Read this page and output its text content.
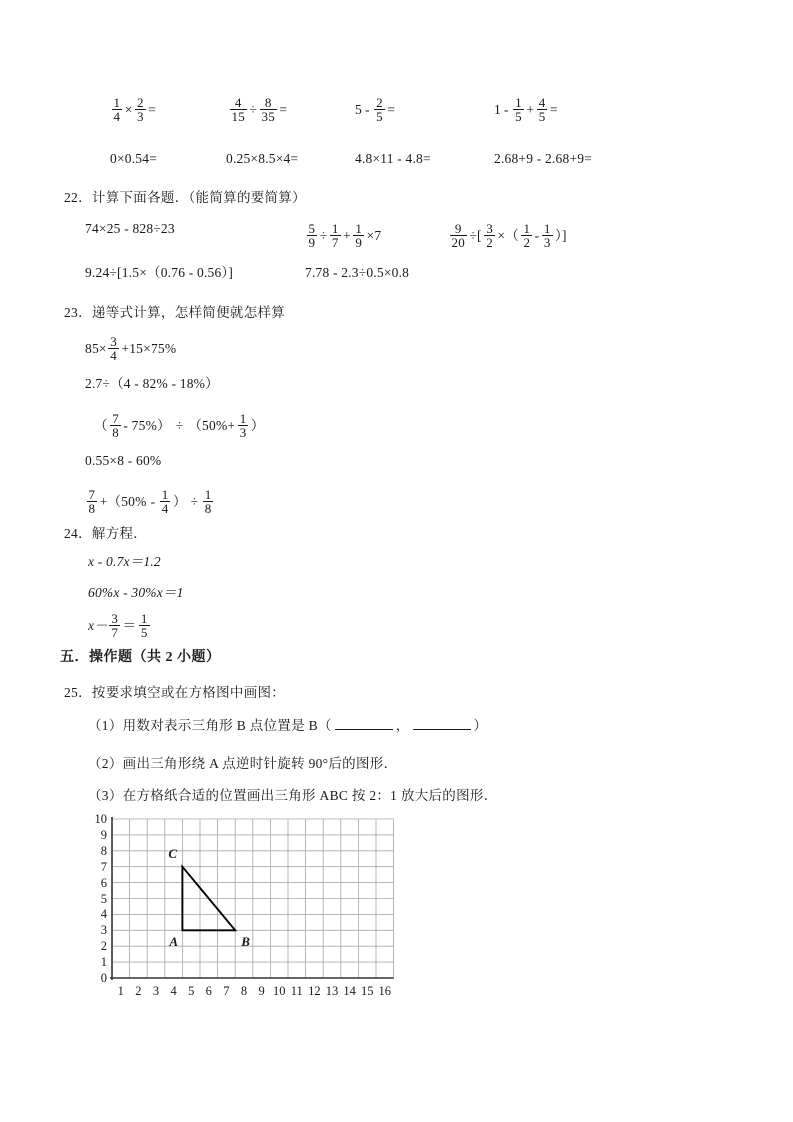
$\frac{1}{4} \times \frac{2}{3}$ =	$\frac{4}{15} \div \frac{8}{35}$ =	$5 - \frac{2}{5}$ =	$1 - \frac{1}{5} + \frac{4}{5}$ =
0×0.54=	0.25×8.5×4=	4.8×11 - 4.8=	2.68+9 - 2.68+9=
22．计算下面各题．（能简算的要简算）
74×25 - 828÷23	$\frac{5}{9} \div \frac{1}{7} + \frac{1}{9} \times 7$	$\frac{9}{20}$ ÷[ $\frac{3}{2}$ ×（ $\frac{1}{2} - \frac{1}{3}$ ）]
9.24÷[1.5×（0.76 - 0.56）]	7.78 - 2.3÷0.5×0.8
23．递等式计算，怎样简便就怎样算
$85\times \frac{3}{4} +15\times 75\%$
2.7÷（4 - 82% - 18%）
（ $\frac{7}{8} - 75\%) \div (50\%+ \frac{1}{3}$ ）
0.55×8 - 60%
$\frac{7}{8} +(50\% - \frac{1}{4}$ ） ÷ $\frac{1}{8}$
24．解方程．
x - 0.7x＝1.2
60%x - 30%x＝1
$x- \frac{3}{7} = \frac{1}{5}$
五．操作题（共 2 小题）
25．按要求填空或在方格图中画图：
（1）用数对表示三角形 B 点位置是 B（	，	）
（2）画出三角形绕 A 点逆时针旋转 90°后的图形．
（3）在方格纸合适的位置画出三角形 ABC 按 2：1 放大后的图形．
0
1
2
3
4
5
6
7
8
9
10
1 2 3 4 5 6 7 8 9 10 11 12 13 14 15 16
A	B
C
